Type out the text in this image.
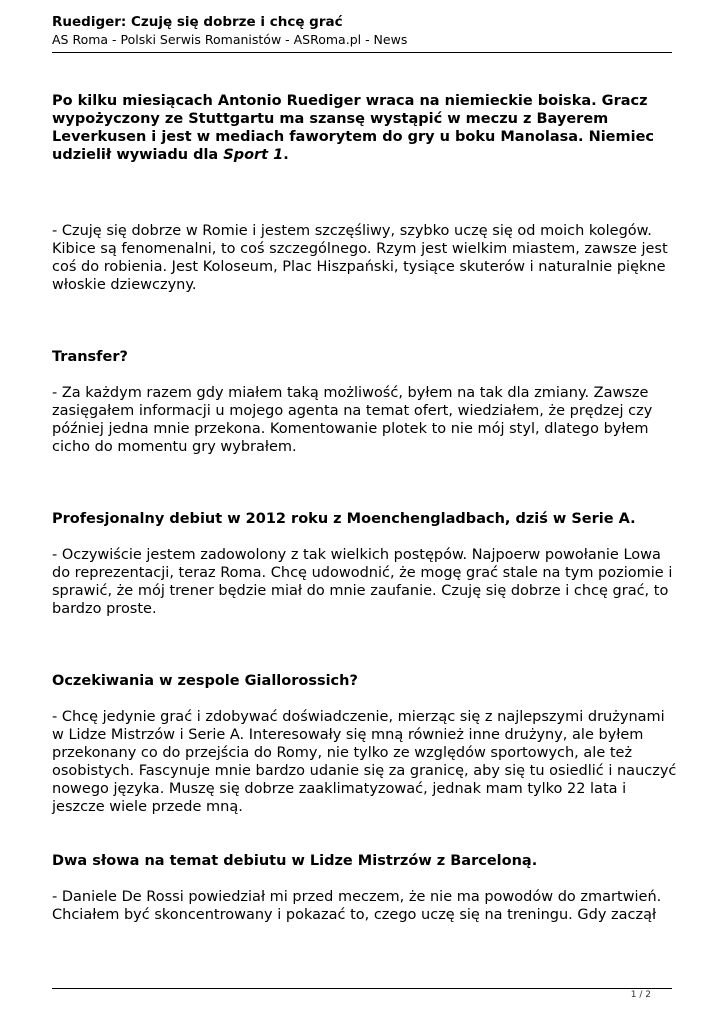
Ruediger: Czuję się dobrze i chcę grać
AS Roma - Polski Serwis Romanistów - ASRoma.pl - News

Po kilku miesiącach Antonio Ruediger wraca na niemieckie boiska. Gracz wypożyczony ze Stuttgartu ma szansę wystąpić w meczu z Bayerem Leverkusen i jest w mediach faworytem do gry u boku Manolasa. Niemiec udzielił wywiadu dla Sport 1.

- Czuję się dobrze w Romie i jestem szczęśliwy, szybko uczę się od moich kolegów. Kibice są fenomenalni, to coś szczególnego. Rzym jest wielkim miastem, zawsze jest coś do robienia. Jest Koloseum, Plac Hiszpański, tysiące skuterów i naturalnie piękne włoskie dziewczyny.

Transfer?

- Za każdym razem gdy miałem taką możliwość, byłem na tak dla zmiany. Zawsze zasięgałem informacji u mojego agenta na temat ofert, wiedziałem, że prędzej czy później jedna mnie przekona. Komentowanie plotek to nie mój styl, dlatego byłem cicho do momentu gry wybrałem.

Profesjonalny debiut w 2012 roku z Moenchengladbach, dziś w Serie A.

- Oczywiście jestem zadowolony z tak wielkich postępów. Najpoerw powołanie Lowa do reprezentacji, teraz Roma. Chcę udowodnić, że mogę grać stale na tym poziomie i sprawić, że mój trener będzie miał do mnie zaufanie. Czuję się dobrze i chcę grać, to bardzo proste.

Oczekiwania w zespole Giallorossich?

- Chcę jedynie grać i zdobywać doświadczenie, mierząc się z najlepszymi drużynami w Lidze Mistrzów i Serie A. Interesowały się mną również inne drużyny, ale byłem przekonany co do przejścia do Romy, nie tylko ze względów sportowych, ale też osobistych. Fascynuje mnie bardzo udanie się za granicę, aby się tu osiedlić i nauczyć nowego języka. Muszę się dobrze zaaklimatyzować, jednak mam tylko 22 lata i jeszcze wiele przede mną.

Dwa słowa na temat debiutu w Lidze Mistrzów z Barceloną.

- Daniele De Rossi powiedział mi przed meczem, że nie ma powodów do zmartwień. Chciałem być skoncentrowany i pokazać to, czego uczę się na treningu. Gdy zaczął

1 / 2
